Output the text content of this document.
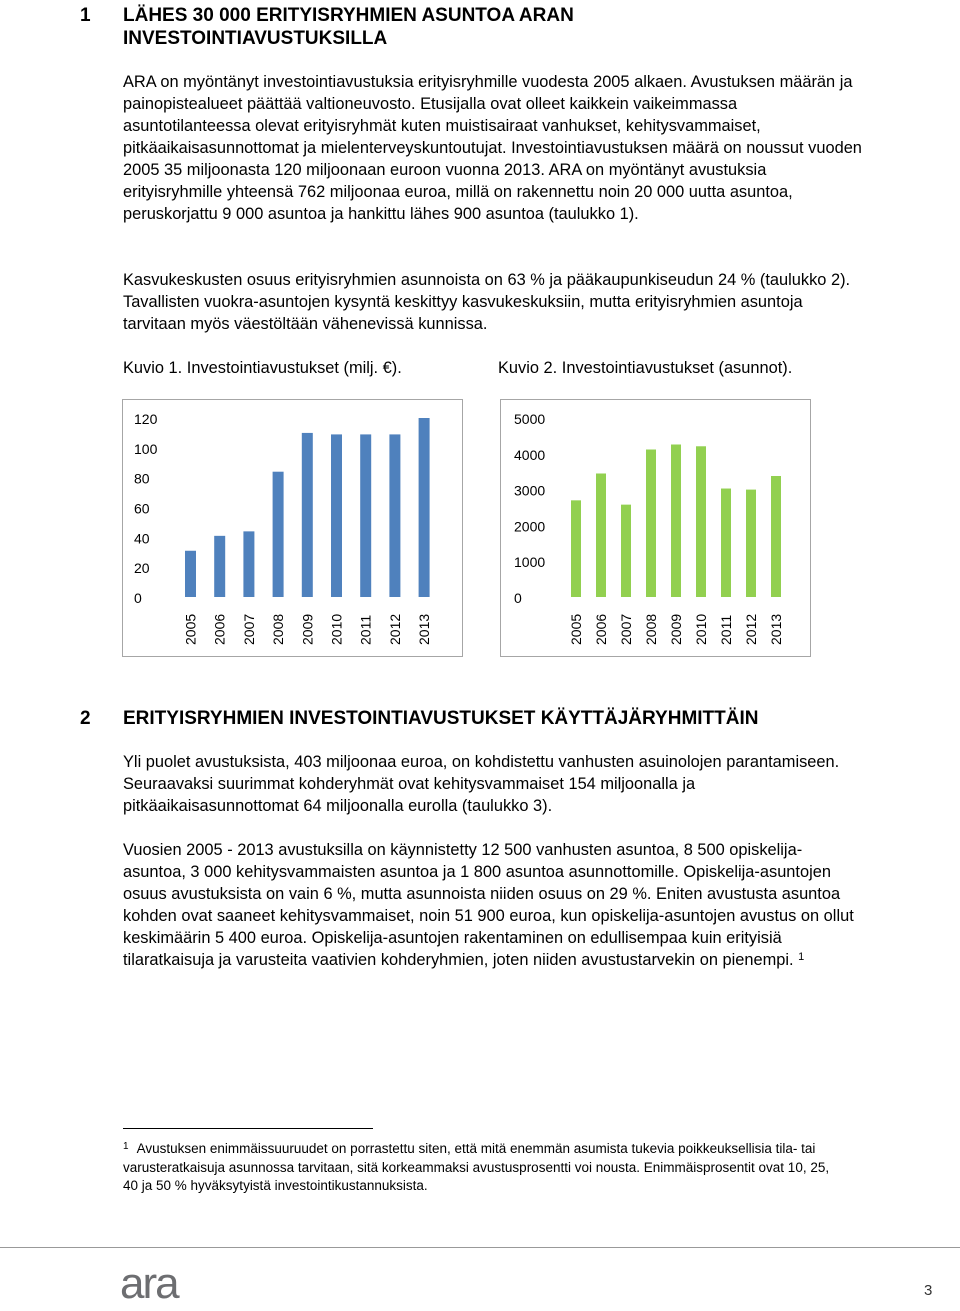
1 LÄHES 30 000 ERITYISRYHMIEN ASUNTOA ARAN
INVESTOINTIAVUSTUKSILLA

ARA on myöntänyt investointiavustuksia erityisryhmille vuodesta 2005 alkaen. Avustuksen määrän ja painopistealueet päättää valtioneuvosto. Etusijalla ovat olleet kaikkein vaikeimmassa asuntotilanteessa olevat erityisryhmät kuten muistisairaat vanhukset, kehitysvammaiset, pitkäaikaisasunnottomat ja mielenterveyskuntoutujat. Investointiavustuksen määrä on noussut vuoden 2005 35 miljoonasta 120 miljoonaan euroon vuonna 2013. ARA on myöntänyt avustuksia erityisryhmille yhteensä 762 miljoonaa euroa, millä on rakennettu noin 20 000 uutta asuntoa, peruskorjattu 9 000 asuntoa ja hankittu lähes 900 asuntoa (taulukko 1).

Kasvukeskusten osuus erityisryhmien asunnoista on 63 % ja pääkaupunkiseudun 24 % (taulukko 2). Tavallisten vuokra-asuntojen kysyntä keskittyy kasvukeskuksiin, mutta erityisryhmien asuntoja tarvitaan myös väestöltään vähenevissä kunnissa.

Kuvio 1. Investointiavustukset (milj. €).	Kuvio 2. Investointiavustukset (asunnot).
0
20
40
60
80
100
120
2005 2006 2007 2008 2009 2010 2011 2012 2013
0
1000
2000
3000
4000
5000
2005 2006 2007 2008 2009 2010 2011 2012 2013
2 ERITYISRYHMIEN INVESTOINTIAVUSTUKSET KÄYTTÄJÄRYHMITTÄIN

Yli puolet avustuksista, 403 miljoonaa euroa, on kohdistettu vanhusten asuinolojen parantamiseen. Seuraavaksi suurimmat kohderyhmät ovat kehitysvammaiset 154 miljoonalla ja pitkäaikaisasunnottomat 64 miljoonalla eurolla (taulukko 3).

Vuosien 2005 - 2013 avustuksilla on käynnistetty 12 500 vanhusten asuntoa, 8 500 opiskelija-asuntoa, 3 000 kehitysvammaisten asuntoa ja 1 800 asuntoa asunnottomille. Opiskelija-asuntojen osuus avustuksista on vain 6 %, mutta asunnoista niiden osuus on 29 %. Eniten avustusta asuntoa kohden ovat saaneet kehitysvammaiset, noin 51 900 euroa, kun opiskelija-asuntojen avustus on ollut keskimäärin 5 400 euroa. Opiskelija-asuntojen rakentaminen on edullisempaa kuin erityisiä tilaratkaisuja ja varusteita vaativien kohderyhmien, joten niiden avustustarvekin on pienempi. $^1$

$^1$ Avustuksen enimmäissuuruudet on porrastettu siten, että mitä enemmän asumista tukevia poikkeuksellisia tila- tai varusteratkaisuja asunnossa tarvitaan, sitä korkeammaksi avustusprosentti voi nousta. Enimmäisprosentit ovat 10, 25, 40 ja 50 % hyväksytyistä investointikustannuksista.
ara	3
